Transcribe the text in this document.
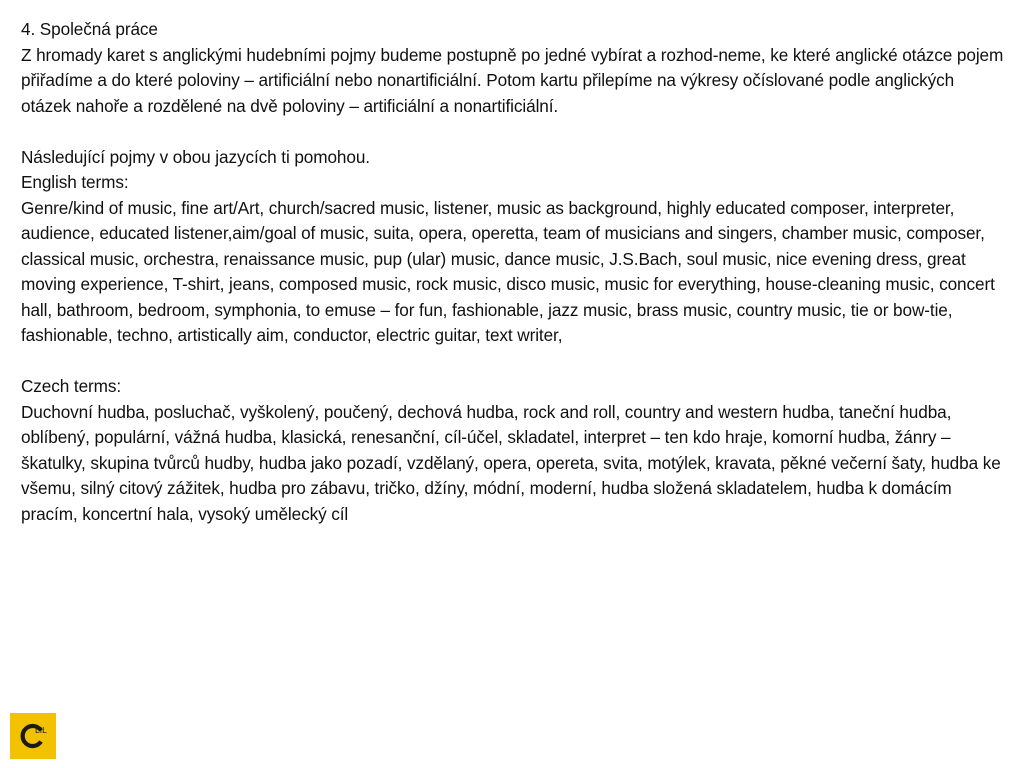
4. Společná práce

Z hromady karet s anglickými hudebními pojmy budeme postupně po jedné vybírat a rozhod-neme, ke které anglické otázce pojem přiřadíme a do které poloviny – artificiální nebo nonartificiální. Potom kartu přilepíme na výkresy očíslované podle anglických otázek nahoře a rozdělené na dvě poloviny – artificiální a nonartificiální.

Následující pojmy v obou jazycích ti pomohou.

English terms:

Genre/kind of music, fine art/Art, church/sacred music, listener, music as background, highly educated composer, interpreter, audience, educated listener,aim/goal of music, suita, opera, operetta, team of musicians and singers, chamber music, composer, classical music, orchestra, renaissance music, pup (ular) music, dance music, J.S.Bach, soul music, nice evening dress, great moving experience, T-shirt, jeans, composed music, rock music, disco music, music for everything, house-cleaning music, concert hall, bathroom, bedroom, symphonia, to emuse – for fun, fashionable, jazz music, brass music, country music, tie or bow-tie, fashionable, techno, artistically aim, conductor, electric guitar, text writer,

Czech terms:

Duchovní hudba, posluchač, vyškolený, poučený, dechová hudba, rock and roll, country and western hudba, taneční hudba, oblíbený, populární, vážná hudba, klasická, renesanční, cíl-účel, skladatel, interpret – ten kdo hraje, komorní hudba, žánry – škatulky, skupina tvůrců hudby, hudba jako pozadí, vzdělaný, opera, opereta, svita, motýlek, kravata, pěkné večerní šaty, hudba ke všemu, silný citový zážitek, hudba pro zábavu, tričko, džíny, módní, moderní, hudba složená skladatelem, hudba k domácím pracím, koncertní hala, vysoký umělecký cíl

LIL
